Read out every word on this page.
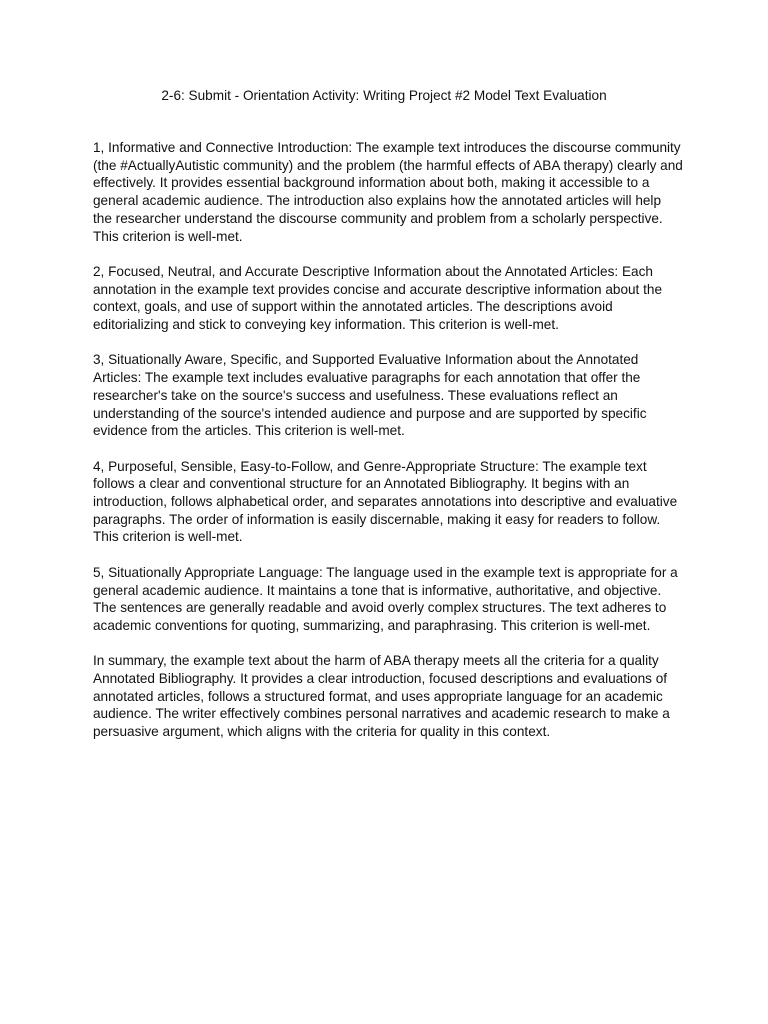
2-6: Submit - Orientation Activity: Writing Project #2 Model Text Evaluation

1, Informative and Connective Introduction: The example text introduces the discourse community (the #ActuallyAutistic community) and the problem (the harmful effects of ABA therapy) clearly and effectively. It provides essential background information about both, making it accessible to a general academic audience. The introduction also explains how the annotated articles will help the researcher understand the discourse community and problem from a scholarly perspective. This criterion is well-met.

2, Focused, Neutral, and Accurate Descriptive Information about the Annotated Articles: Each annotation in the example text provides concise and accurate descriptive information about the context, goals, and use of support within the annotated articles. The descriptions avoid editorializing and stick to conveying key information. This criterion is well-met.

3, Situationally Aware, Specific, and Supported Evaluative Information about the Annotated Articles: The example text includes evaluative paragraphs for each annotation that offer the researcher's take on the source's success and usefulness. These evaluations reflect an understanding of the source's intended audience and purpose and are supported by specific evidence from the articles. This criterion is well-met.

4, Purposeful, Sensible, Easy-to-Follow, and Genre-Appropriate Structure: The example text follows a clear and conventional structure for an Annotated Bibliography. It begins with an introduction, follows alphabetical order, and separates annotations into descriptive and evaluative paragraphs. The order of information is easily discernable, making it easy for readers to follow. This criterion is well-met.

5, Situationally Appropriate Language: The language used in the example text is appropriate for a general academic audience. It maintains a tone that is informative, authoritative, and objective. The sentences are generally readable and avoid overly complex structures. The text adheres to academic conventions for quoting, summarizing, and paraphrasing. This criterion is well-met.

In summary, the example text about the harm of ABA therapy meets all the criteria for a quality Annotated Bibliography. It provides a clear introduction, focused descriptions and evaluations of annotated articles, follows a structured format, and uses appropriate language for an academic audience. The writer effectively combines personal narratives and academic research to make a persuasive argument, which aligns with the criteria for quality in this context.
